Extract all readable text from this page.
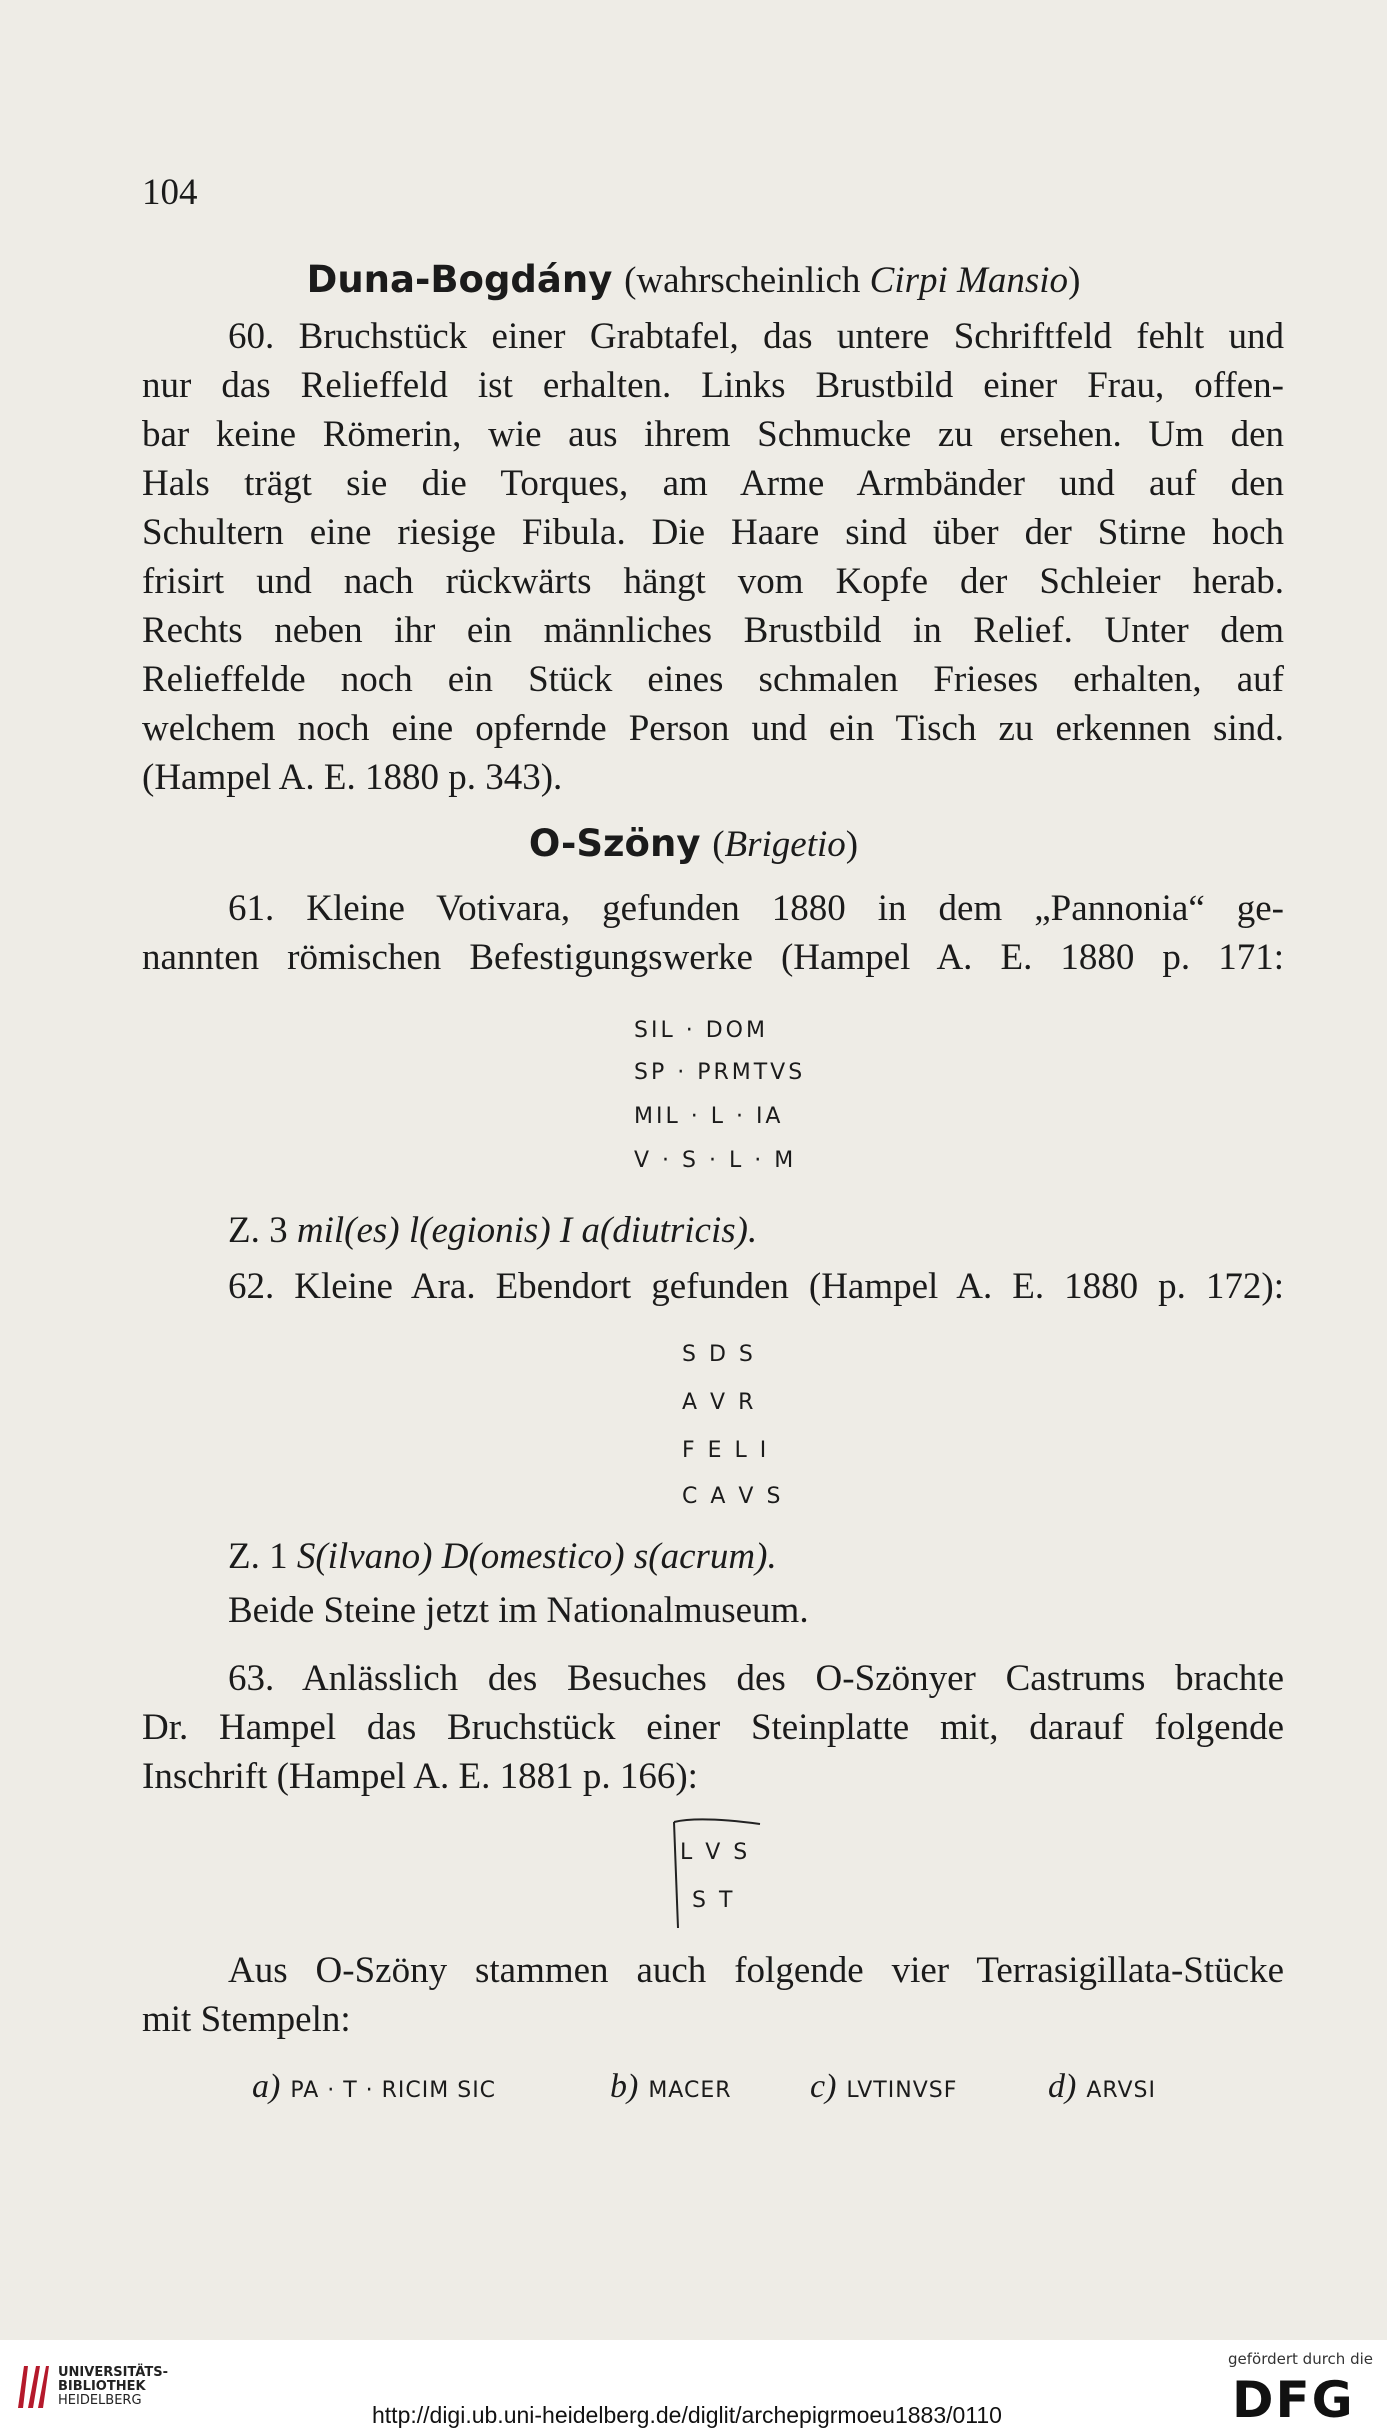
104
Duna-Bogdány (wahrscheinlich Cirpi Mansio)
60. Bruchstück einer Grabtafel, das untere Schriftfeld fehlt und
nur das Relieffeld ist erhalten. Links Brustbild einer Frau, offen-
bar keine Römerin, wie aus ihrem Schmucke zu ersehen. Um den
Hals trägt sie die Torques, am Arme Armbänder und auf den
Schultern eine riesige Fibula. Die Haare sind über der Stirne hoch
frisirt und nach rückwärts hängt vom Kopfe der Schleier herab.
Rechts neben ihr ein männliches Brustbild in Relief. Unter dem
Relieffelde noch ein Stück eines schmalen Frieses erhalten, auf
welchem noch eine opfernde Person und ein Tisch zu erkennen sind.
(Hampel A. E. 1880 p. 343).
O-Szöny (Brigetio)
61. Kleine Votivara, gefunden 1880 in dem „Pannonia“ ge-
nannten römischen Befestigungswerke (Hampel A. E. 1880 p. 171:
SIL · DOM
SP · PRMTVS
MIL · L · IA
V · S · L · M
Z. 3 mil(es) l(egionis) I a(diutricis).
62. Kleine Ara. Ebendort gefunden (Hampel A. E. 1880 p. 172):
S D S
A V R
F E L I
C A V S
Z. 1 S(ilvano) D(omestico) s(acrum).
Beide Steine jetzt im Nationalmuseum.
63. Anlässlich des Besuches des O-Szönyer Castrums brachte
Dr. Hampel das Bruchstück einer Steinplatte mit, darauf folgende
Inschrift (Hampel A. E. 1881 p. 166):
L V S
S T
Aus O-Szöny stammen auch folgende vier Terrasigillata-Stücke
mit Stempeln:
a) PA · T · RICIM SIC	b) MACER c) LVTINVSF	d) ARVSI
UNIVERSITÄTS-
BIBLIOTHEK
HEIDELBERG
http://digi.ub.uni-heidelberg.de/diglit/archepigrmoeu1883/0110
gefördert durch die
DFG
